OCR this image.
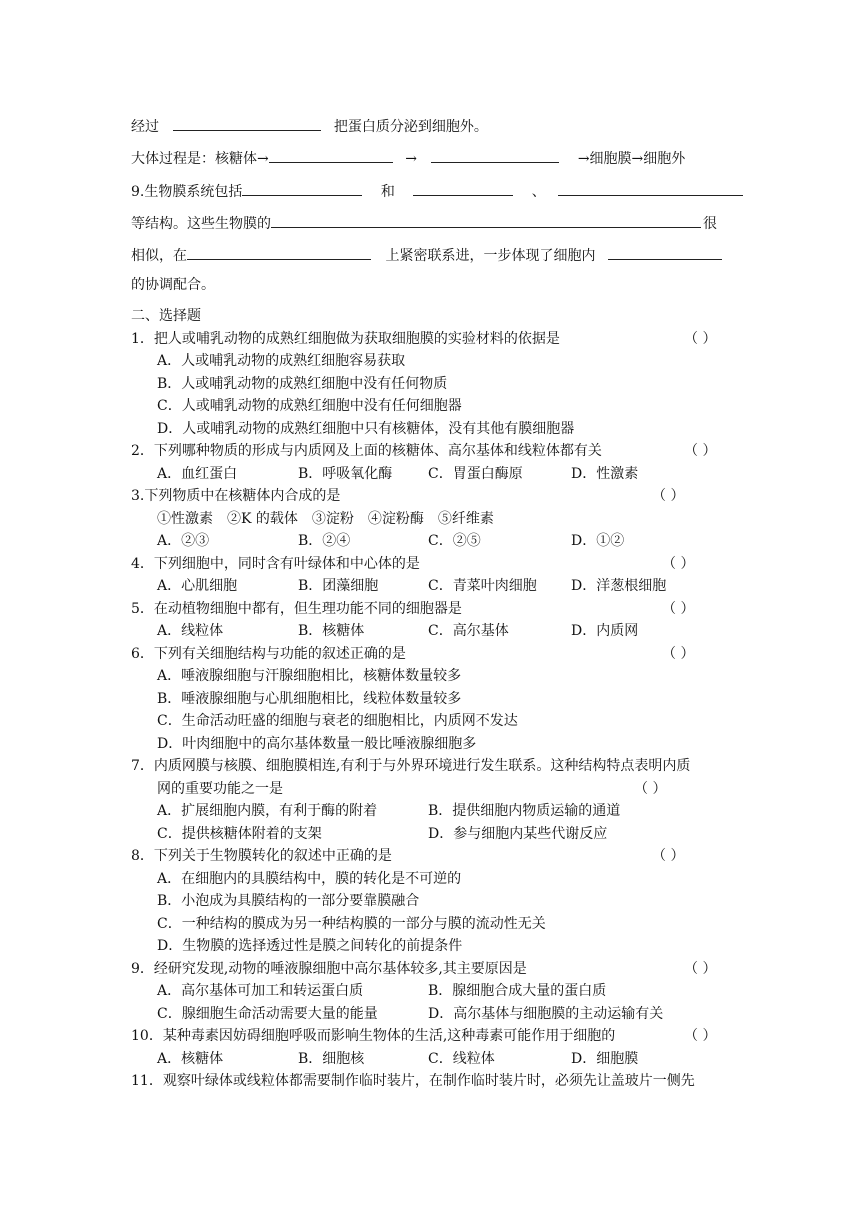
经过	把蛋白质分泌到细胞外。
大体过程是：核糖体→	→	→细胞膜→细胞外
9.生物膜系统包括	和	、
等结构。这些生物膜的	很
相似，在	上紧密联系进，一步体现了细胞内
的协调配合。
二、选择题
1．把人或哺乳动物的成熟红细胞做为获取细胞膜的实验材料的依据是	（ ）
A．人或哺乳动物的成熟红细胞容易获取
B．人或哺乳动物的成熟红细胞中没有任何物质
C．人或哺乳动物的成熟红细胞中没有任何细胞器
D．人或哺乳动物的成熟红细胞中只有核糖体，没有其他有膜细胞器
2．下列哪种物质的形成与内质网及上面的核糖体、高尔基体和线粒体都有关	（ ）
A．血红蛋白	B．呼吸氧化酶	C．胃蛋白酶原	D．性激素
3.下列物质中在核糖体内合成的是	（ ）
①性激素　②K 的载体　③淀粉　④淀粉酶　⑤纤维素
A．②③	B．②④	C．②⑤	D．①②
4．下列细胞中，同时含有叶绿体和中心体的是	（ ）
A．心肌细胞	B．团藻细胞	C．青菜叶肉细胞 D．洋葱根细胞
5．在动植物细胞中都有，但生理功能不同的细胞器是	（ ）
A．线粒体	B．核糖体	C．高尔基体	D．内质网
6．下列有关细胞结构与功能的叙述正确的是	（ ）
A．唾液腺细胞与汗腺细胞相比，核糖体数量较多
B．唾液腺细胞与心肌细胞相比，线粒体数量较多
C．生命活动旺盛的细胞与衰老的细胞相比，内质网不发达
D．叶肉细胞中的高尔基体数量一般比唾液腺细胞多
7．内质网膜与核膜、细胞膜相连,有利于与外界环境进行发生联系。这种结构特点表明内质
网的重要功能之一是	（ ）
A．扩展细胞内膜，有利于酶的附着	B．提供细胞内物质运输的通道
C．提供核糖体附着的支架	D．参与细胞内某些代谢反应
8．下列关于生物膜转化的叙述中正确的是	（ ）
A．在细胞内的具膜结构中，膜的转化是不可逆的
B．小泡成为具膜结构的一部分要靠膜融合
C．一种结构的膜成为另一种结构膜的一部分与膜的流动性无关
D．生物膜的选择透过性是膜之间转化的前提条件
9．经研究发现,动物的唾液腺细胞中高尔基体较多,其主要原因是	（ ）
A．高尔基体可加工和转运蛋白质	B．腺细胞合成大量的蛋白质
C．腺细胞生命活动需要大量的能量	D．高尔基体与细胞膜的主动运输有关
10．某种毒素因妨碍细胞呼吸而影响生物体的生活,这种毒素可能作用于细胞的	（ ）
A．核糖体	B．细胞核	C．线粒体	D．细胞膜
11．观察叶绿体或线粒体都需要制作临时装片，在制作临时装片时，必须先让盖玻片一侧先
